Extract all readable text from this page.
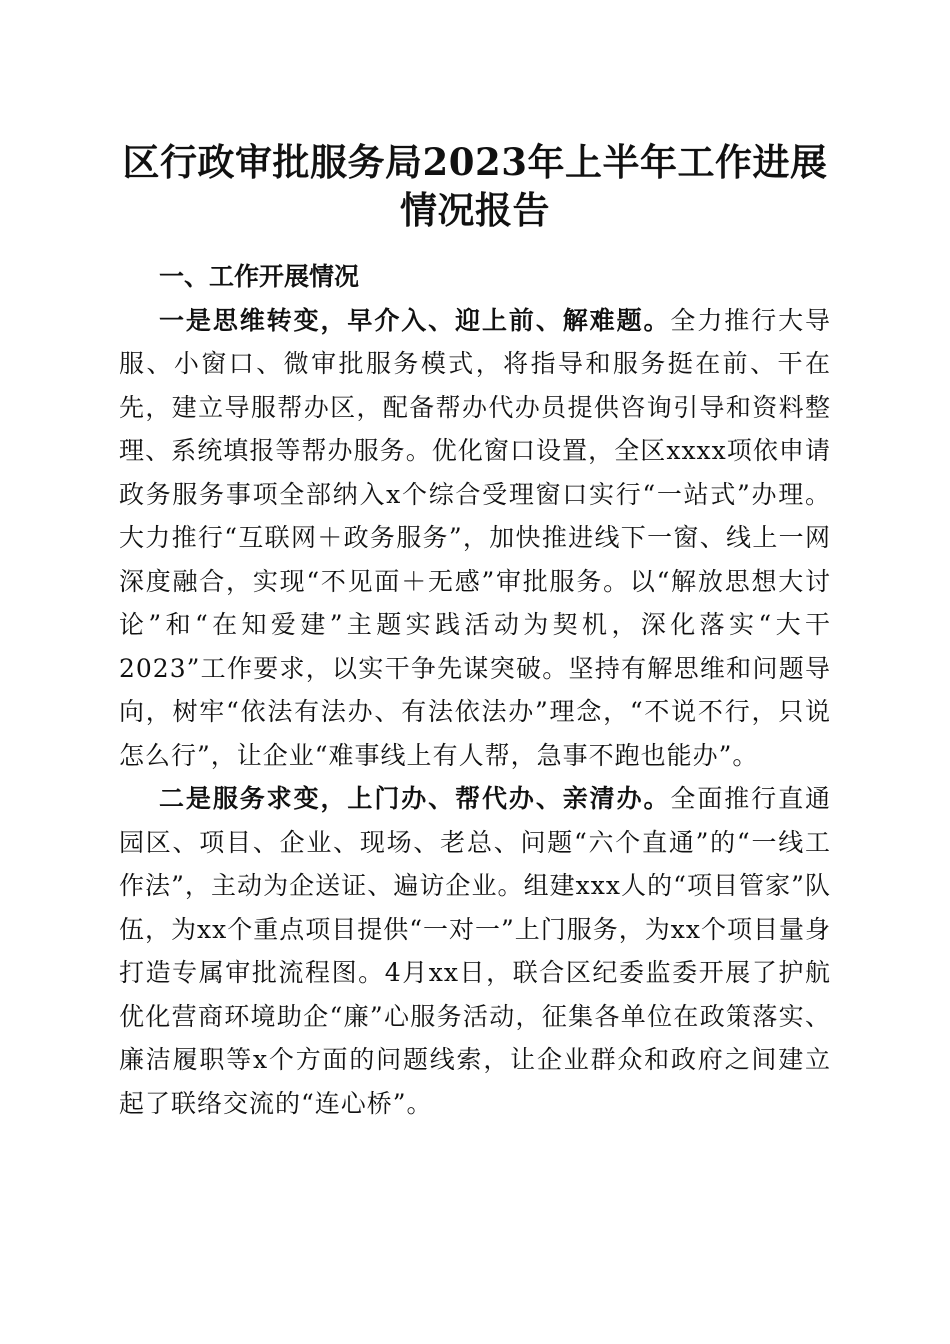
区行政审批服务局2023年上半年工作进展情况报告

一、工作开展情况

一是思维转变，早介入、迎上前、解难题。全力推行大导服、小窗口、微审批服务模式，将指导和服务挺在前、干在先，建立导服帮办区，配备帮办代办员提供咨询引导和资料整理、系统填报等帮办服务。优化窗口设置，全区xxxx项依申请政务服务事项全部纳入x个综合受理窗口实行“一站式”办理。大力推行“互联网＋政务服务”，加快推进线下一窗、线上一网深度融合，实现“不见面＋无感”审批服务。以“解放思想大讨论”和“在知爱建”主题实践活动为契机，深化落实“大干2023”工作要求，以实干争先谋突破。坚持有解思维和问题导向，树牢“依法有法办、有法依法办”理念，“不说不行，只说怎么行”，让企业“难事线上有人帮，急事不跑也能办”。

二是服务求变，上门办、帮代办、亲清办。全面推行直通园区、项目、企业、现场、老总、问题“六个直通”的“一线工作法”，主动为企送证、遍访企业。组建xxx人的“项目管家”队伍，为xx个重点项目提供“一对一”上门服务，为xx个项目量身打造专属审批流程图。4月xx日，联合区纪委监委开展了护航优化营商环境助企“廉”心服务活动，征集各单位在政策落实、廉洁履职等x个方面的问题线索，让企业群众和政府之间建立起了联络交流的“连心桥”。
